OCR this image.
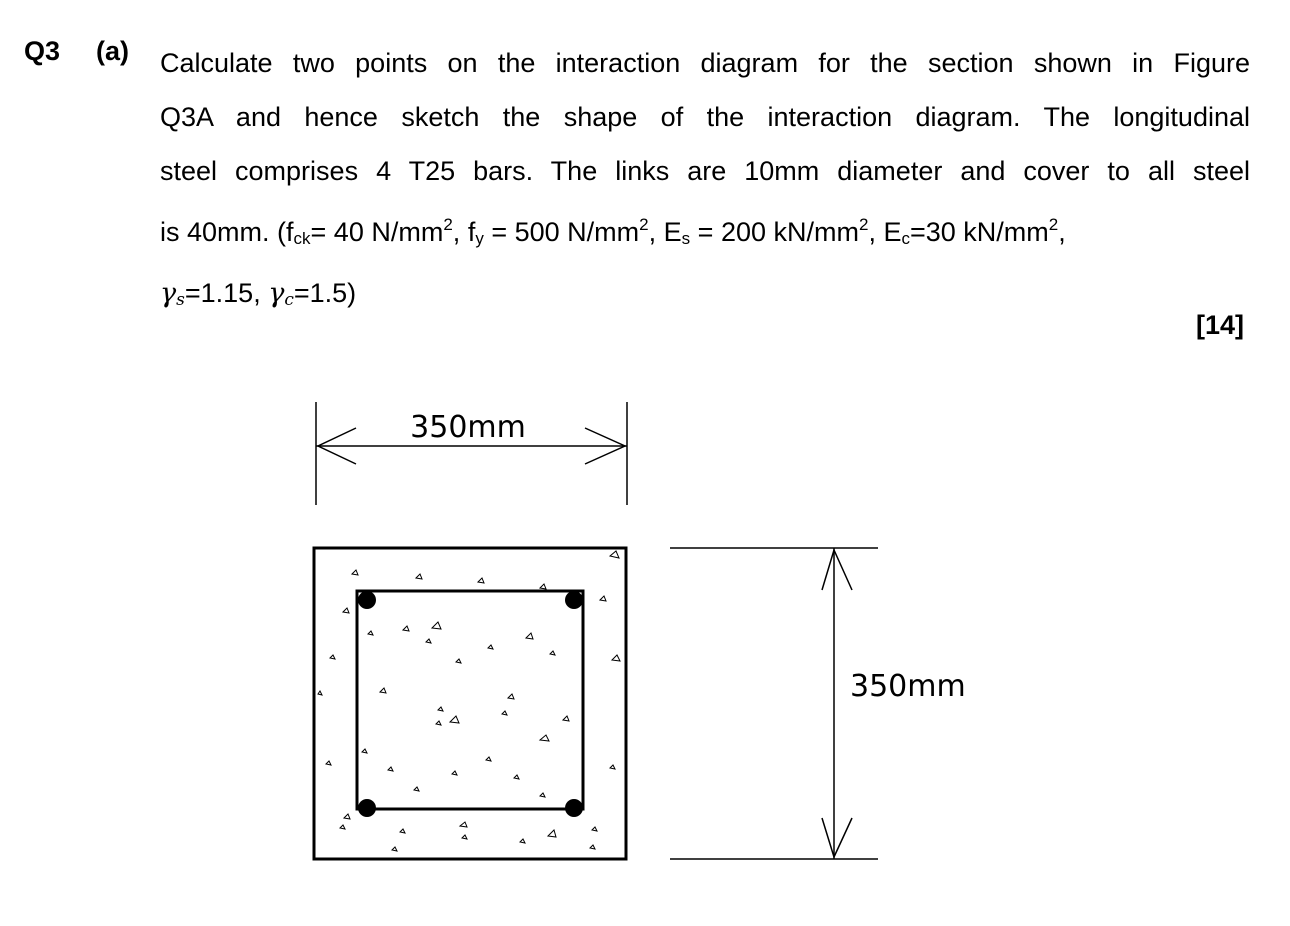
Q3 (a) Calculate two points on the interaction diagram for the section shown in Figure
Q3A and hence sketch the shape of the interaction diagram. The longitudinal
steel comprises 4 T25 bars. The links are 10mm diameter and cover to all steel
is 40mm. (fck= 40 $N/mm^2$, fy = 500 $N/mm^2$, Es = 200 $kN/mm^2$, Ec=30 $kN/mm^2$,
γs=1.15, γc=1.5)
[14]
350mm
350mm
